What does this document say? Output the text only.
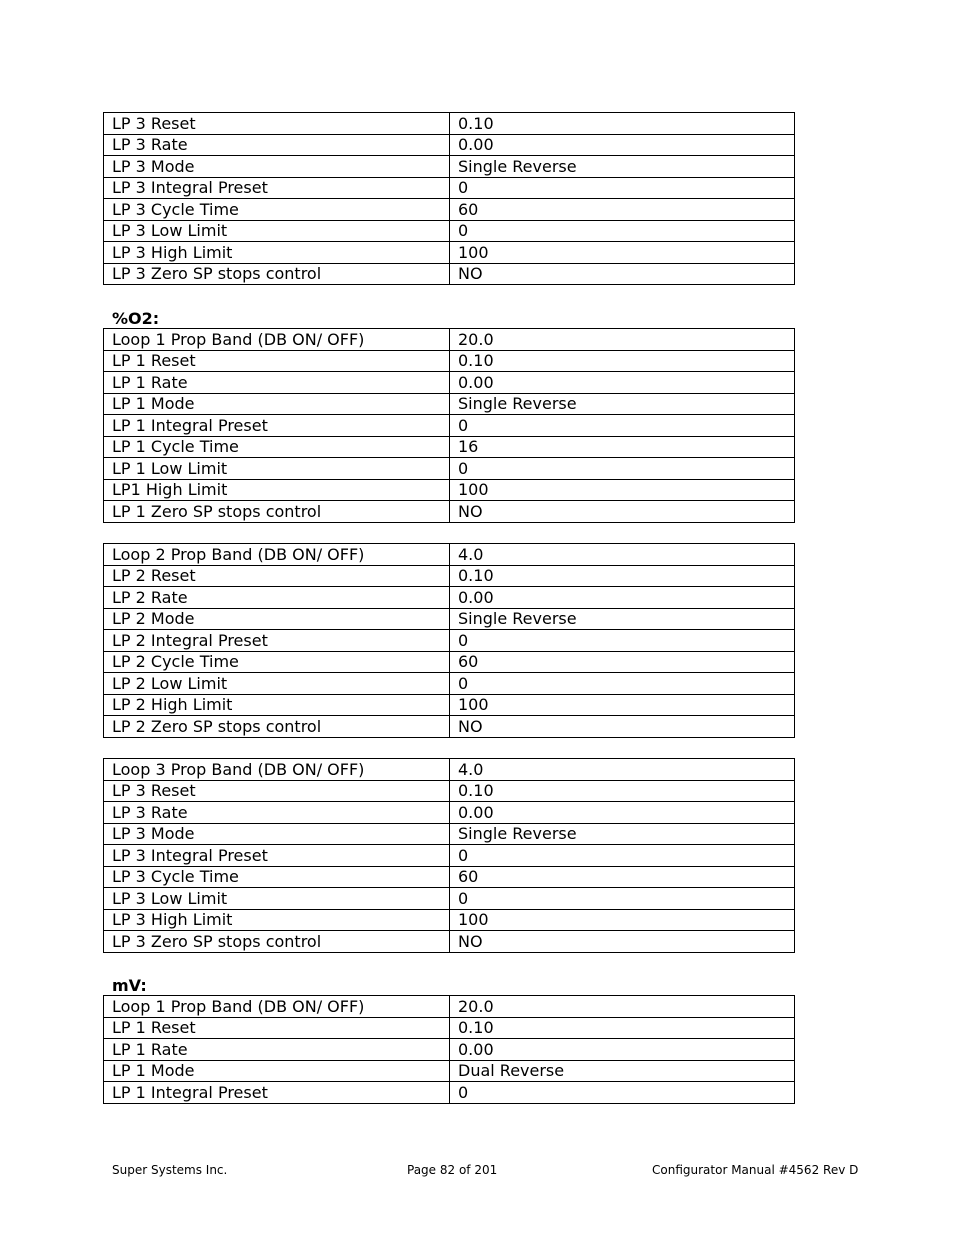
LP 3 Reset	0.10
LP 3 Rate	0.00
LP 3 Mode	Single Reverse
LP 3 Integral Preset	0
LP 3 Cycle Time	60
LP 3 Low Limit	0
LP 3 High Limit	100
LP 3 Zero SP stops control	NO
%O2:
Loop 1 Prop Band (DB ON/ OFF)	20.0
LP 1 Reset	0.10
LP 1 Rate	0.00
LP 1 Mode	Single Reverse
LP 1 Integral Preset	0
LP 1 Cycle Time	16
LP 1 Low Limit	0
LP1 High Limit	100
LP 1 Zero SP stops control	NO
Loop 2 Prop Band (DB ON/ OFF)	4.0
LP 2 Reset	0.10
LP 2 Rate	0.00
LP 2 Mode	Single Reverse
LP 2 Integral Preset	0
LP 2 Cycle Time	60
LP 2 Low Limit	0
LP 2 High Limit	100
LP 2 Zero SP stops control	NO
Loop 3 Prop Band (DB ON/ OFF)	4.0
LP 3 Reset	0.10
LP 3 Rate	0.00
LP 3 Mode	Single Reverse
LP 3 Integral Preset	0
LP 3 Cycle Time	60
LP 3 Low Limit	0
LP 3 High Limit	100
LP 3 Zero SP stops control	NO
mV:
Loop 1 Prop Band (DB ON/ OFF)	20.0
LP 1 Reset	0.10
LP 1 Rate	0.00
LP 1 Mode	Dual Reverse
LP 1 Integral Preset	0
Super Systems Inc.	Page 82 of 201	Configurator Manual #4562 Rev D
